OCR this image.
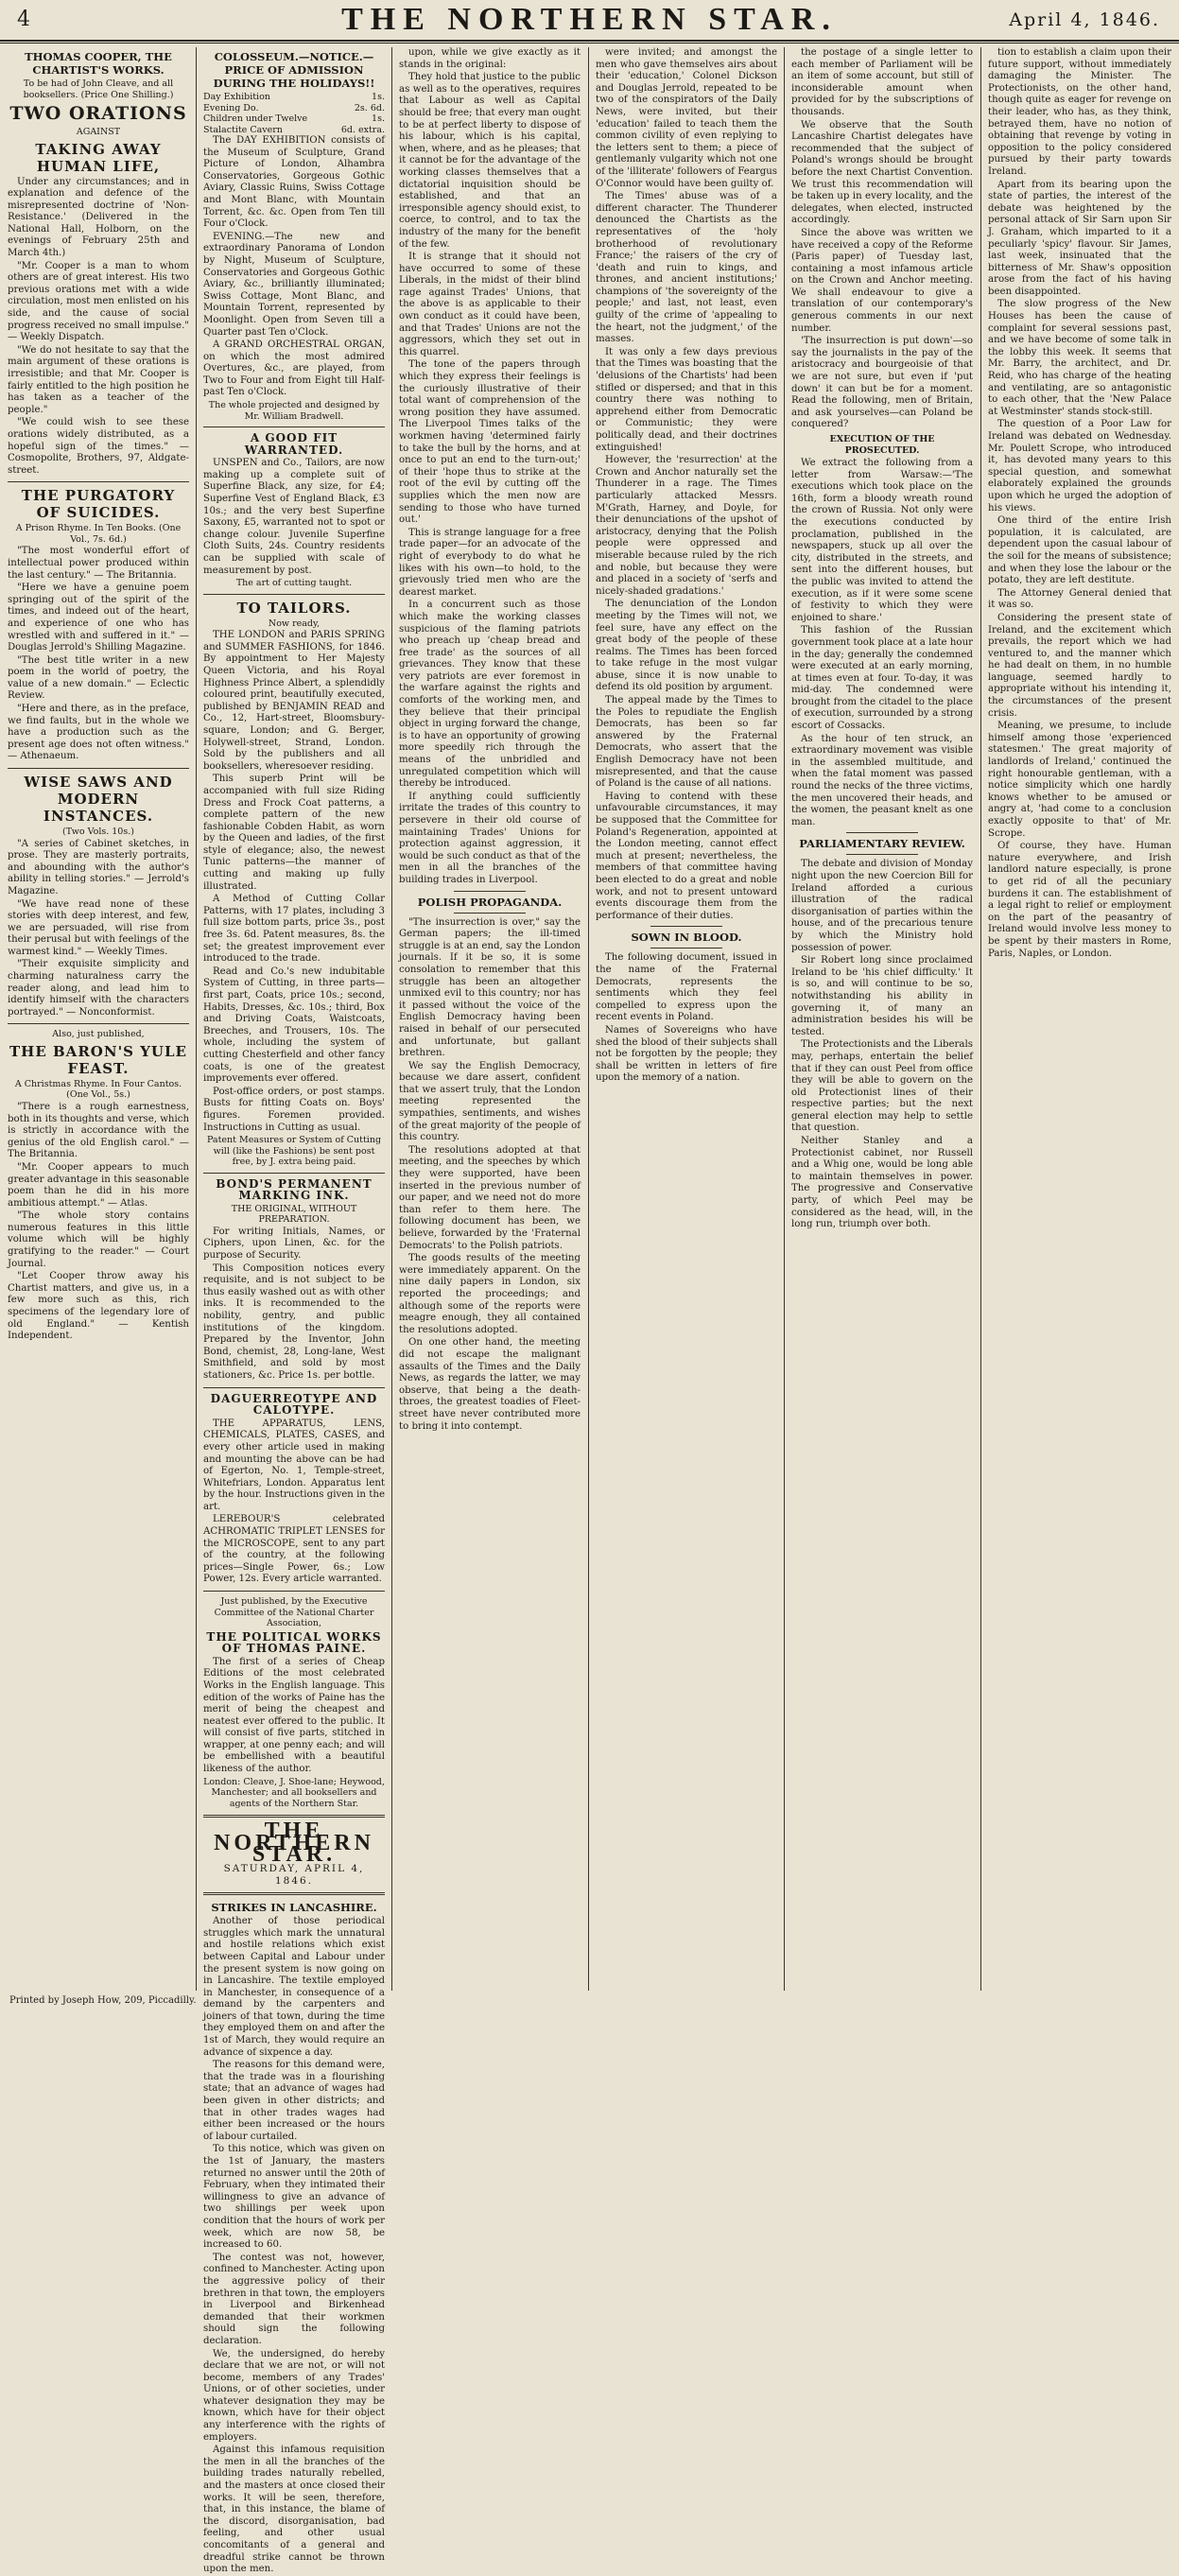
4	THE NORTHERN STAR.	April 4, 1846.
THOMAS COOPER, THE CHARTIST'S WORKS.
To be had of John Cleave, and all booksellers. (Price One Shilling.)
TWO ORATIONS
AGAINST
TAKING AWAY HUMAN LIFE,

Under any circumstances; and in explanation and defence of the misrepresented doctrine of 'Non-Resistance.' (Delivered in the National Hall, Holborn, on the evenings of February 25th and March 4th.)

"Mr. Cooper is a man to whom others are of great interest. His two previous orations met with a wide circulation, most men enlisted on his side, and the cause of social progress received no small impulse." — Weekly Dispatch.

"We do not hesitate to say that the main argument of these orations is irresistible; and that Mr. Cooper is fairly entitled to the high position he has taken as a teacher of the people."

"We could wish to see these orations widely distributed, as a hopeful sign of the times." — Cosmopolite, Brothers, 97, Aldgate-street.

THE PURGATORY OF SUICIDES.
A Prison Rhyme. In Ten Books. (One Vol., 7s. 6d.)

"The most wonderful effort of intellectual power produced within the last century." — The Britannia.

"Here we have a genuine poem springing out of the spirit of the times, and indeed out of the heart, and experience of one who has wrestled with and suffered in it." — Douglas Jerrold's Shilling Magazine.

"The best title writer in a new poem in the world of poetry, the value of a new domain." — Eclectic Review.

"Here and there, as in the preface, we find faults, but in the whole we have a production such as the present age does not often witness." — Athenaeum.

WISE SAWS AND MODERN INSTANCES.
(Two Vols. 10s.)

"A series of Cabinet sketches, in prose. They are masterly portraits, and abounding with the author's ability in telling stories." — Jerrold's Magazine.

"We have read none of these stories with deep interest, and few, we are persuaded, will rise from their perusal but with feelings of the warmest kind." — Weekly Times.

"Their exquisite simplicity and charming naturalness carry the reader along, and lead him to identify himself with the characters portrayed." — Nonconformist.

Also, just published,
THE BARON'S YULE FEAST.
A Christmas Rhyme. In Four Cantos. (One Vol., 5s.)

"There is a rough earnestness, both in its thoughts and verse, which is strictly in accordance with the genius of the old English carol." — The Britannia.

"Mr. Cooper appears to much greater advantage in this seasonable poem than he did in his more ambitious attempt." — Atlas.

"The whole story contains numerous features in this little volume which will be highly gratifying to the reader." — Court Journal.

"Let Cooper throw away his Chartist matters, and give us, in a few more such as this, rich specimens of the legendary lore of old England." — Kentish Independent.

COLOSSEUM.—NOTICE.—PRICE OF ADMISSION DURING THE HOLIDAYS!!
Day Exhibition	1s.
Evening Do.	2s. 6d.
Children under Twelve	1s.
Stalactite Cavern	6d. extra.

The DAY EXHIBITION consists of the Museum of Sculpture, Grand Picture of London, Alhambra Conservatories, Gorgeous Gothic Aviary, Classic Ruins, Swiss Cottage and Mont Blanc, with Mountain Torrent, &c. &c. Open from Ten till Four o'Clock.

EVENING.—The new and extraordinary Panorama of London by Night, Museum of Sculpture, Conservatories and Gorgeous Gothic Aviary, &c., brilliantly illuminated; Swiss Cottage, Mont Blanc, and Mountain Torrent, represented by Moonlight. Open from Seven till a Quarter past Ten o'Clock.

A GRAND ORCHESTRAL ORGAN, on which the most admired Overtures, &c., are played, from Two to Four and from Eight till Half-past Ten o'Clock.

The whole projected and designed by Mr. William Bradwell.
A GOOD FIT WARRANTED.

UNSPEN and Co., Tailors, are now making up a complete suit of Superfine Black, any size, for £4; Superfine Vest of England Black, £3 10s.; and the very best Superfine Saxony, £5, warranted not to spot or change colour. Juvenile Superfine Cloth Suits, 24s. Country residents can be supplied with scale of measurement by post.

The art of cutting taught.
TO TAILORS.
Now ready,

THE LONDON and PARIS SPRING and SUMMER FASHIONS, for 1846. By appointment to Her Majesty Queen Victoria, and his Royal Highness Prince Albert, a splendidly coloured print, beautifully executed, published by BENJAMIN READ and Co., 12, Hart-street, Bloomsbury-square, London; and G. Berger, Holywell-street, Strand, London. Sold by the publishers and all booksellers, wheresoever residing.

This superb Print will be accompanied with full size Riding Dress and Frock Coat patterns, a complete pattern of the new fashionable Cobden Habit, as worn by the Queen and ladies, of the first style of elegance; also, the newest Tunic patterns—the manner of cutting and making up fully illustrated.

A Method of Cutting Collar Patterns, with 17 plates, including 3 full size bottom parts, price 3s., post free 3s. 6d. Patent measures, 8s. the set; the greatest improvement ever introduced to the trade.

Read and Co.'s new indubitable System of Cutting, in three parts—first part, Coats, price 10s.; second, Habits, Dresses, &c. 10s.; third, Box and Driving Coats, Waistcoats, Breeches, and Trousers, 10s. The whole, including the system of cutting Chesterfield and other fancy coats, is one of the greatest improvements ever offered.

Post-office orders, or post stamps. Busts for fitting Coats on. Boys' figures. Foremen provided. Instructions in Cutting as usual.

Patent Measures or System of Cutting will (like the Fashions) be sent post free, by J. extra being paid.
BOND'S PERMANENT MARKING INK.
THE ORIGINAL, WITHOUT PREPARATION.

For writing Initials, Names, or Ciphers, upon Linen, &c. for the purpose of Security.

This Composition notices every requisite, and is not subject to be thus easily washed out as with other inks. It is recommended to the nobility, gentry, and public institutions of the kingdom. Prepared by the Inventor, John Bond, chemist, 28, Long-lane, West Smithfield, and sold by most stationers, &c. Price 1s. per bottle.

DAGUERREOTYPE AND CALOTYPE.

THE APPARATUS, LENS, CHEMICALS, PLATES, CASES, and every other article used in making and mounting the above can be had of Egerton, No. 1, Temple-street, Whitefriars, London. Apparatus lent by the hour. Instructions given in the art.

LEREBOUR'S celebrated ACHROMATIC TRIPLET LENSES for the MICROSCOPE, sent to any part of the country, at the following prices—Single Power, 6s.; Low Power, 12s. Every article warranted.

Just published, by the Executive Committee of the National Charter Association,
THE POLITICAL WORKS OF THOMAS PAINE.

The first of a series of Cheap Editions of the most celebrated Works in the English language. This edition of the works of Paine has the merit of being the cheapest and neatest ever offered to the public. It will consist of five parts, stitched in wrapper, at one penny each; and will be embellished with a beautiful likeness of the author.

London: Cleave, J. Shoe-lane; Heywood, Manchester; and all booksellers and agents of the Northern Star.
THE NORTHERN STAR.
SATURDAY, APRIL 4, 1846.
STRIKES IN LANCASHIRE.

Another of those periodical struggles which mark the unnatural and hostile relations which exist between Capital and Labour under the present system is now going on in Lancashire. The textile employed in Manchester, in consequence of a demand by the carpenters and joiners of that town, during the time they employed them on and after the 1st of March, they would require an advance of sixpence a day.

The reasons for this demand were, that the trade was in a flourishing state; that an advance of wages had been given in other districts; and that in other trades wages had either been increased or the hours of labour curtailed.

To this notice, which was given on the 1st of January, the masters returned no answer until the 20th of February, when they intimated their willingness to give an advance of two shillings per week upon condition that the hours of work per week, which are now 58, be increased to 60.

The contest was not, however, confined to Manchester. Acting upon the aggressive policy of their brethren in that town, the employers in Liverpool and Birkenhead demanded that their workmen should sign the following declaration.

We, the undersigned, do hereby declare that we are not, or will not become, members of any Trades' Unions, or of other societies, under whatever designation they may be known, which have for their object any interference with the rights of employers.

Against this infamous requisition the men in all the branches of the building trades naturally rebelled, and the masters at once closed their works. It will be seen, therefore, that, in this instance, the blame of the discord, disorganisation, bad feeling, and other usual concomitants of a general and dreadful strike cannot be thrown upon the men.

upon, while we give exactly as it stands in the original:

They hold that justice to the public as well as to the operatives, requires that Labour as well as Capital should be free; that every man ought to be at perfect liberty to dispose of his labour, which is his capital, when, where, and as he pleases; that it cannot be for the advantage of the working classes themselves that a dictatorial inquisition should be established, and that an irresponsible agency should exist, to coerce, to control, and to tax the industry of the many for the benefit of the few.

It is strange that it should not have occurred to some of these Liberals, in the midst of their blind rage against Trades' Unions, that the above is as applicable to their own conduct as it could have been, and that Trades' Unions are not the aggressors, which they set out in this quarrel.

The tone of the papers through which they express their feelings is the curiously illustrative of their total want of comprehension of the wrong position they have assumed. The Liverpool Times talks of the workmen having 'determined fairly to take the bull by the horns, and at once to put an end to the turn-out;' of their 'hope thus to strike at the root of the evil by cutting off the supplies which the men now are sending to those who have turned out.'

This is strange language for a free trade paper—for an advocate of the right of everybody to do what he likes with his own—to hold, to the grievously tried men who are the dearest market.

In a concurrent such as those which make the working classes suspicious of the flaming patriots who preach up 'cheap bread and free trade' as the sources of all grievances. They know that these very patriots are ever foremost in the warfare against the rights and comforts of the working men, and they believe that their principal object in urging forward the change, is to have an opportunity of growing more speedily rich through the means of the unbridled and unregulated competition which will thereby be introduced.

If anything could sufficiently irritate the trades of this country to persevere in their old course of maintaining Trades' Unions for protection against aggression, it would be such conduct as that of the men in all the branches of the building trades in Liverpool.

POLISH PROPAGANDA.

"The insurrection is over," say the German papers; the ill-timed struggle is at an end, say the London journals. If it be so, it is some consolation to remember that this struggle has been an altogether unmixed evil to this country; nor has it passed without the voice of the English Democracy having been raised in behalf of our persecuted and unfortunate, but gallant brethren.

We say the English Democracy, because we dare assert, confident that we assert truly, that the London meeting represented the sympathies, sentiments, and wishes of the great majority of the people of this country.

The resolutions adopted at that meeting, and the speeches by which they were supported, have been inserted in the previous number of our paper, and we need not do more than refer to them here. The following document has been, we believe, forwarded by the 'Fraternal Democrats' to the Polish patriots.

The goods results of the meeting were immediately apparent. On the nine daily papers in London, six reported the proceedings; and although some of the reports were meagre enough, they all contained the resolutions adopted.

On one other hand, the meeting did not escape the malignant assaults of the Times and the Daily News, as regards the latter, we may observe, that being a the death-throes, the greatest toadies of Fleet-street have never contributed more to bring it into contempt.

were invited; and amongst the men who gave themselves airs about their 'education,' Colonel Dickson and Douglas Jerrold, repeated to be two of the conspirators of the Daily News, were invited, but their 'education' failed to teach them the common civility of even replying to the letters sent to them; a piece of gentlemanly vulgarity which not one of the 'illiterate' followers of Feargus O'Connor would have been guilty of.

The Times' abuse was of a different character. The Thunderer denounced the Chartists as the representatives of the 'holy brotherhood of revolutionary France;' the raisers of the cry of 'death and ruin to kings, and thrones, and ancient institutions;' champions of 'the sovereignty of the people;' and last, not least, even guilty of the crime of 'appealing to the heart, not the judgment,' of the masses.

It was only a few days previous that the Times was boasting that the 'delusions of the Chartists' had been stifled or dispersed; and that in this country there was nothing to apprehend either from Democratic or Communistic; they were politically dead, and their doctrines extinguished!

However, the 'resurrection' at the Crown and Anchor naturally set the Thunderer in a rage. The Times particularly attacked Messrs. M'Grath, Harney, and Doyle, for their denunciations of the upshot of aristocracy, denying that the Polish people were oppressed and miserable because ruled by the rich and noble, but because they were and placed in a society of 'serfs and nicely-shaded gradations.'

The denunciation of the London meeting by the Times will not, we feel sure, have any effect on the great body of the people of these realms. The Times has been forced to take refuge in the most vulgar abuse, since it is now unable to defend its old position by argument.

The appeal made by the Times to the Poles to repudiate the English Democrats, has been so far answered by the Fraternal Democrats, who assert that the English Democracy have not been misrepresented, and that the cause of Poland is the cause of all nations.

Having to contend with these unfavourable circumstances, it may be supposed that the Committee for Poland's Regeneration, appointed at the London meeting, cannot effect much at present; nevertheless, the members of that committee having been elected to do a great and noble work, and not to present untoward events discourage them from the performance of their duties.

SOWN IN BLOOD.

The following document, issued in the name of the Fraternal Democrats, represents the sentiments which they feel compelled to express upon the recent events in Poland.

Names of Sovereigns who have shed the blood of their subjects shall not be forgotten by the people; they shall be written in letters of fire upon the memory of a nation.

the postage of a single letter to each member of Parliament will be an item of some account, but still of inconsiderable amount when provided for by the subscriptions of thousands.

We observe that the South Lancashire Chartist delegates have recommended that the subject of Poland's wrongs should be brought before the next Chartist Convention. We trust this recommendation will be taken up in every locality, and the delegates, when elected, instructed accordingly.

Since the above was written we have received a copy of the Reforme (Paris paper) of Tuesday last, containing a most infamous article on the Crown and Anchor meeting. We shall endeavour to give a translation of our contemporary's generous comments in our next number.

'The insurrection is put down'—so say the journalists in the pay of the aristocracy and bourgeoisie of that we are not sure, but even if 'put down' it can but be for a moment. Read the following, men of Britain, and ask yourselves—can Poland be conquered?

EXECUTION OF THE PROSECUTED.

We extract the following from a letter from Warsaw:—'The executions which took place on the 16th, form a bloody wreath round the crown of Russia. Not only were the executions conducted by proclamation, published in the newspapers, stuck up all over the city, distributed in the streets, and sent into the different houses, but the public was invited to attend the execution, as if it were some scene of festivity to which they were enjoined to share.'

This fashion of the Russian government took place at a late hour in the day; generally the condemned were executed at an early morning, at times even at four. To-day, it was mid-day. The condemned were brought from the citadel to the place of execution, surrounded by a strong escort of Cossacks.

As the hour of ten struck, an extraordinary movement was visible in the assembled multitude, and when the fatal moment was passed round the necks of the three victims, the men uncovered their heads, and the women, the peasant knelt as one man.

PARLIAMENTARY REVIEW.

The debate and division of Monday night upon the new Coercion Bill for Ireland afforded a curious illustration of the radical disorganisation of parties within the house, and of the precarious tenure by which the Ministry hold possession of power.

Sir Robert long since proclaimed Ireland to be 'his chief difficulty.' It is so, and will continue to be so, notwithstanding his ability in governing it, of many an administration besides his will be tested.

The Protectionists and the Liberals may, perhaps, entertain the belief that if they can oust Peel from office they will be able to govern on the old Protectionist lines of their respective parties; but the next general election may help to settle that question.

Neither Stanley and a Protectionist cabinet, nor Russell and a Whig one, would be long able to maintain themselves in power. The progressive and Conservative party, of which Peel may be considered as the head, will, in the long run, triumph over both.

tion to establish a claim upon their future support, without immediately damaging the Minister. The Protectionists, on the other hand, though quite as eager for revenge on their leader, who has, as they think, betrayed them, have no notion of obtaining that revenge by voting in opposition to the policy considered pursued by their party towards Ireland.

Apart from its bearing upon the state of parties, the interest of the debate was heightened by the personal attack of Sir Sarn upon Sir J. Graham, which imparted to it a peculiarly 'spicy' flavour. Sir James, last week, insinuated that the bitterness of Mr. Shaw's opposition arose from the fact of his having been disappointed.

The slow progress of the New Houses has been the cause of complaint for several sessions past, and we have become of some talk in the lobby this week. It seems that Mr. Barry, the architect, and Dr. Reid, who has charge of the heating and ventilating, are so antagonistic to each other, that the 'New Palace at Westminster' stands stock-still.

The question of a Poor Law for Ireland was debated on Wednesday. Mr. Poulett Scrope, who introduced it, has devoted many years to this special question, and somewhat elaborately explained the grounds upon which he urged the adoption of his views.

One third of the entire Irish population, it is calculated, are dependent upon the casual labour of the soil for the means of subsistence; and when they lose the labour or the potato, they are left destitute.

The Attorney General denied that it was so.

Considering the present state of Ireland, and the excitement which prevails, the report which we had ventured to, and the manner which he had dealt on them, in no humble language, seemed hardly to appropriate without his intending it, the circumstances of the present crisis.

Meaning, we presume, to include himself among those 'experienced statesmen.' The great majority of landlords of Ireland,' continued the right honourable gentleman, with a notice simplicity which one hardly knows whether to be amused or angry at, 'had come to a conclusion exactly opposite to that' of Mr. Scrope.

Of course, they have. Human nature everywhere, and Irish landlord nature especially, is prone to get rid of all the pecuniary burdens it can. The establishment of a legal right to relief or employment on the part of the peasantry of Ireland would involve less money to be spent by their masters in Rome, Paris, Naples, or London.

Printed by Joseph How, 209, Piccadilly.
